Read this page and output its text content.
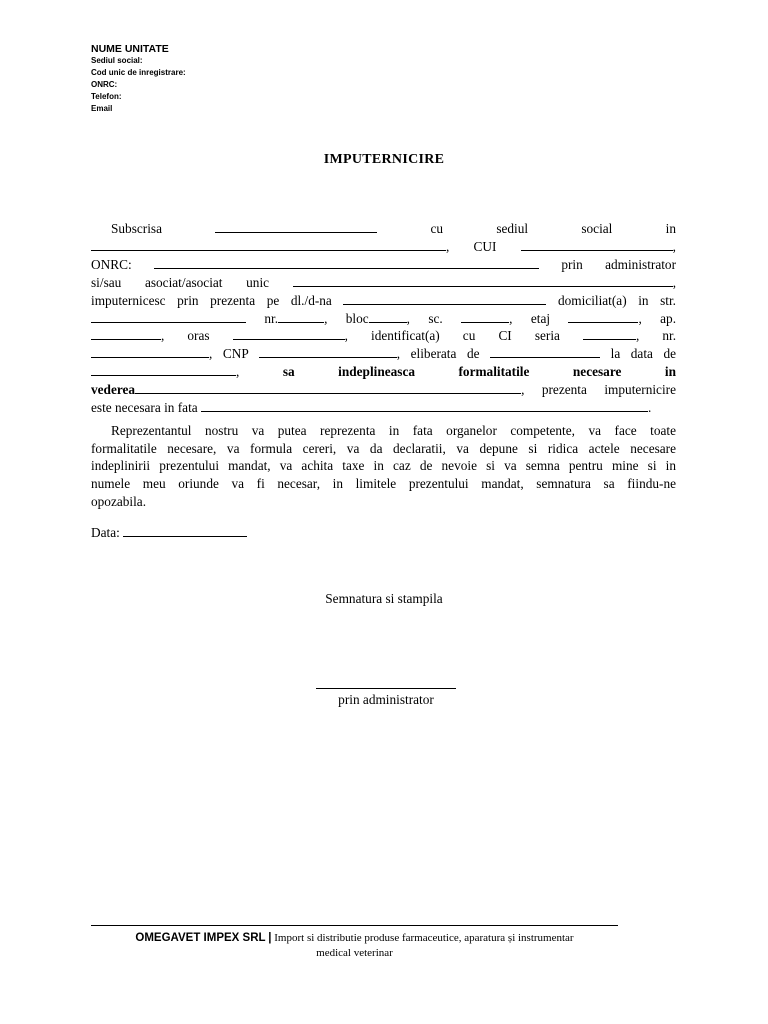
NUME UNITATE
Sediul social:
Cod unic de inregistrare:
ONRC:
Telefon:
Email
IMPUTERNICIRE
Subscrisa	cu	sediul	social	in
, CUI	,
ONRC:	prin administrator
si/sau asociat/asociat unic	,
imputernicesc prin prezenta pe dl./d-na	domiciliat(a) in str.
nr.	, bloc	, sc.	, etaj	, ap.
, oras	, identificat(a) cu CI seria	, nr.
, CNP	, eliberata de	la data de
,	sa	indeplineasca	formalitatile	necesare	in
vederea	, prezenta imputernicire
este necesara in fata	.
Reprezentantul nostru va putea reprezenta in fata organelor competente, va face toate
formalitatile necesare, va formula cereri, va da declaratii, va depune si ridica actele necesare
indeplinirii prezentului mandat, va achita taxe in caz de nevoie si va semna pentru mine si in
numele meu oriunde va fi necesar, in limitele prezentului mandat, semnatura sa fiindu-ne
opozabila.
Data:
Semnatura si stampila
prin administrator
OMEGAVET IMPEX SRL | Import si distributie produse farmaceutice, aparatura și instrumentar
medical veterinar
